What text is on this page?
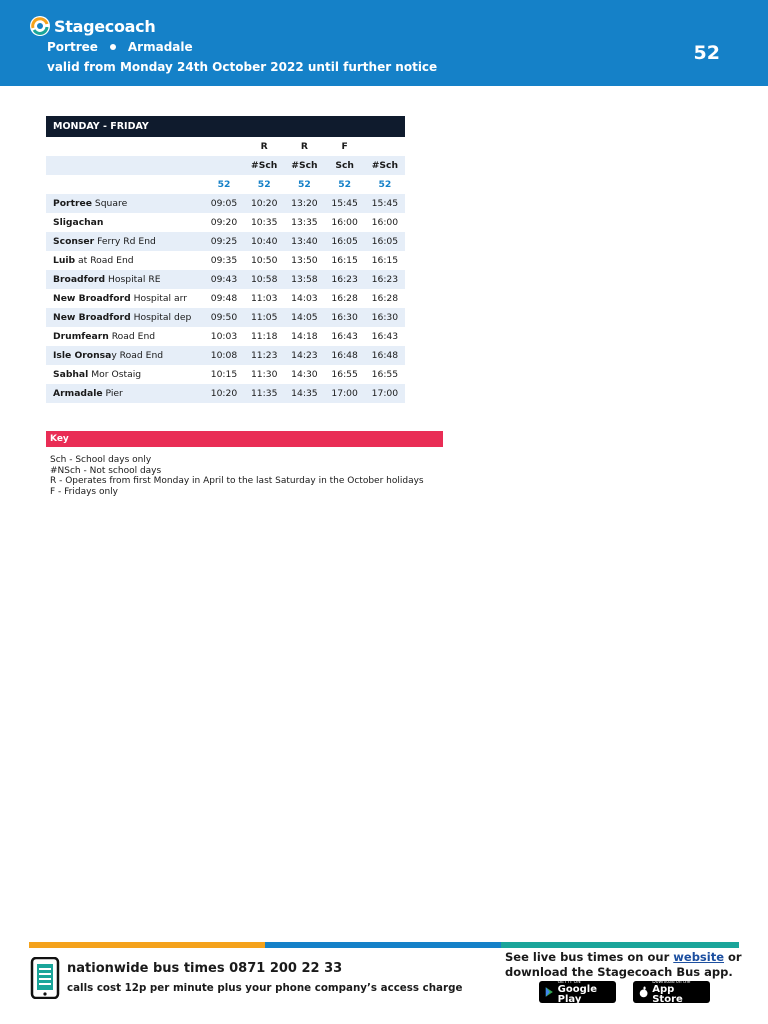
Stagecoach
Portree	Armadale
valid from Monday 24th October 2022 until further notice
52
MONDAY - FRIDAY					
		R	R	F	
		#Sch	#Sch	Sch	#Sch
	52	52	52	52	52
Portree Square	09:05	10:20	13:20	15:45	15:45
Sligachan	09:20	10:35	13:35	16:00	16:00
Sconser Ferry Rd End	09:25	10:40	13:40	16:05	16:05
Luib at Road End	09:35	10:50	13:50	16:15	16:15
Broadford Hospital RE	09:43	10:58	13:58	16:23	16:23
New Broadford Hospital arr	09:48	11:03	14:03	16:28	16:28
New Broadford Hospital dep	09:50	11:05	14:05	16:30	16:30
Drumfearn Road End	10:03	11:18	14:18	16:43	16:43
Isle Oronsay Road End	10:08	11:23	14:23	16:48	16:48
Sabhal Mor Ostaig	10:15	11:30	14:30	16:55	16:55
Armadale Pier	10:20	11:35	14:35	17:00	17:00
Key
Sch - School days only
#NSch - Not school days
R - Operates from first Monday in April to the last Saturday in the October holidays
F - Fridays only
nationwide bus times 0871 200 22 33
calls cost 12p per minute plus your phone company’s access charge
See live bus times on our website or
download the Stagecoach Bus app.
GET IT ON
Google Play
Download on the
App Store
